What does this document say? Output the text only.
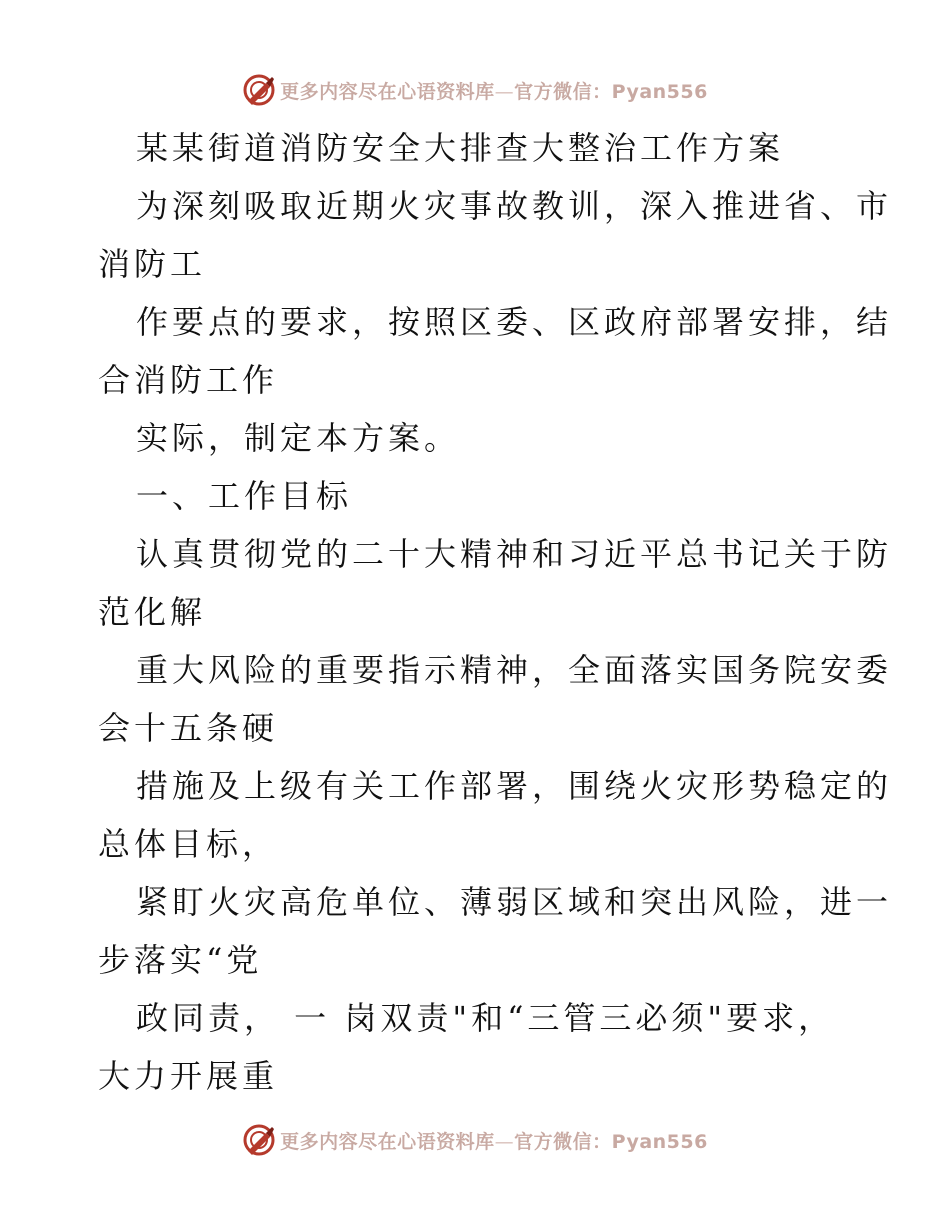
更多内容尽在心语资料库—官方微信：Pyan556
某某街道消防安全大排查大整治工作方案
为深刻吸取近期火灾事故教训，深入推进省、市
消防工
作要点的要求，按照区委、区政府部署安排，结
合消防工作
实际，制定本方案。
一、工作目标
认真贯彻党的二十大精神和习近平总书记关于防
范化解
重大风险的重要指示精神，全面落实国务院安委
会十五条硬
措施及上级有关工作部署，围绕火灾形势稳定的
总体目标，
紧盯火灾高危单位、薄弱区域和突出风险，进一
步落实“党
政同责， 一 岗双责"和“三管三必须"要求，
大力开展重
更多内容尽在心语资料库—官方微信：Pyan556
